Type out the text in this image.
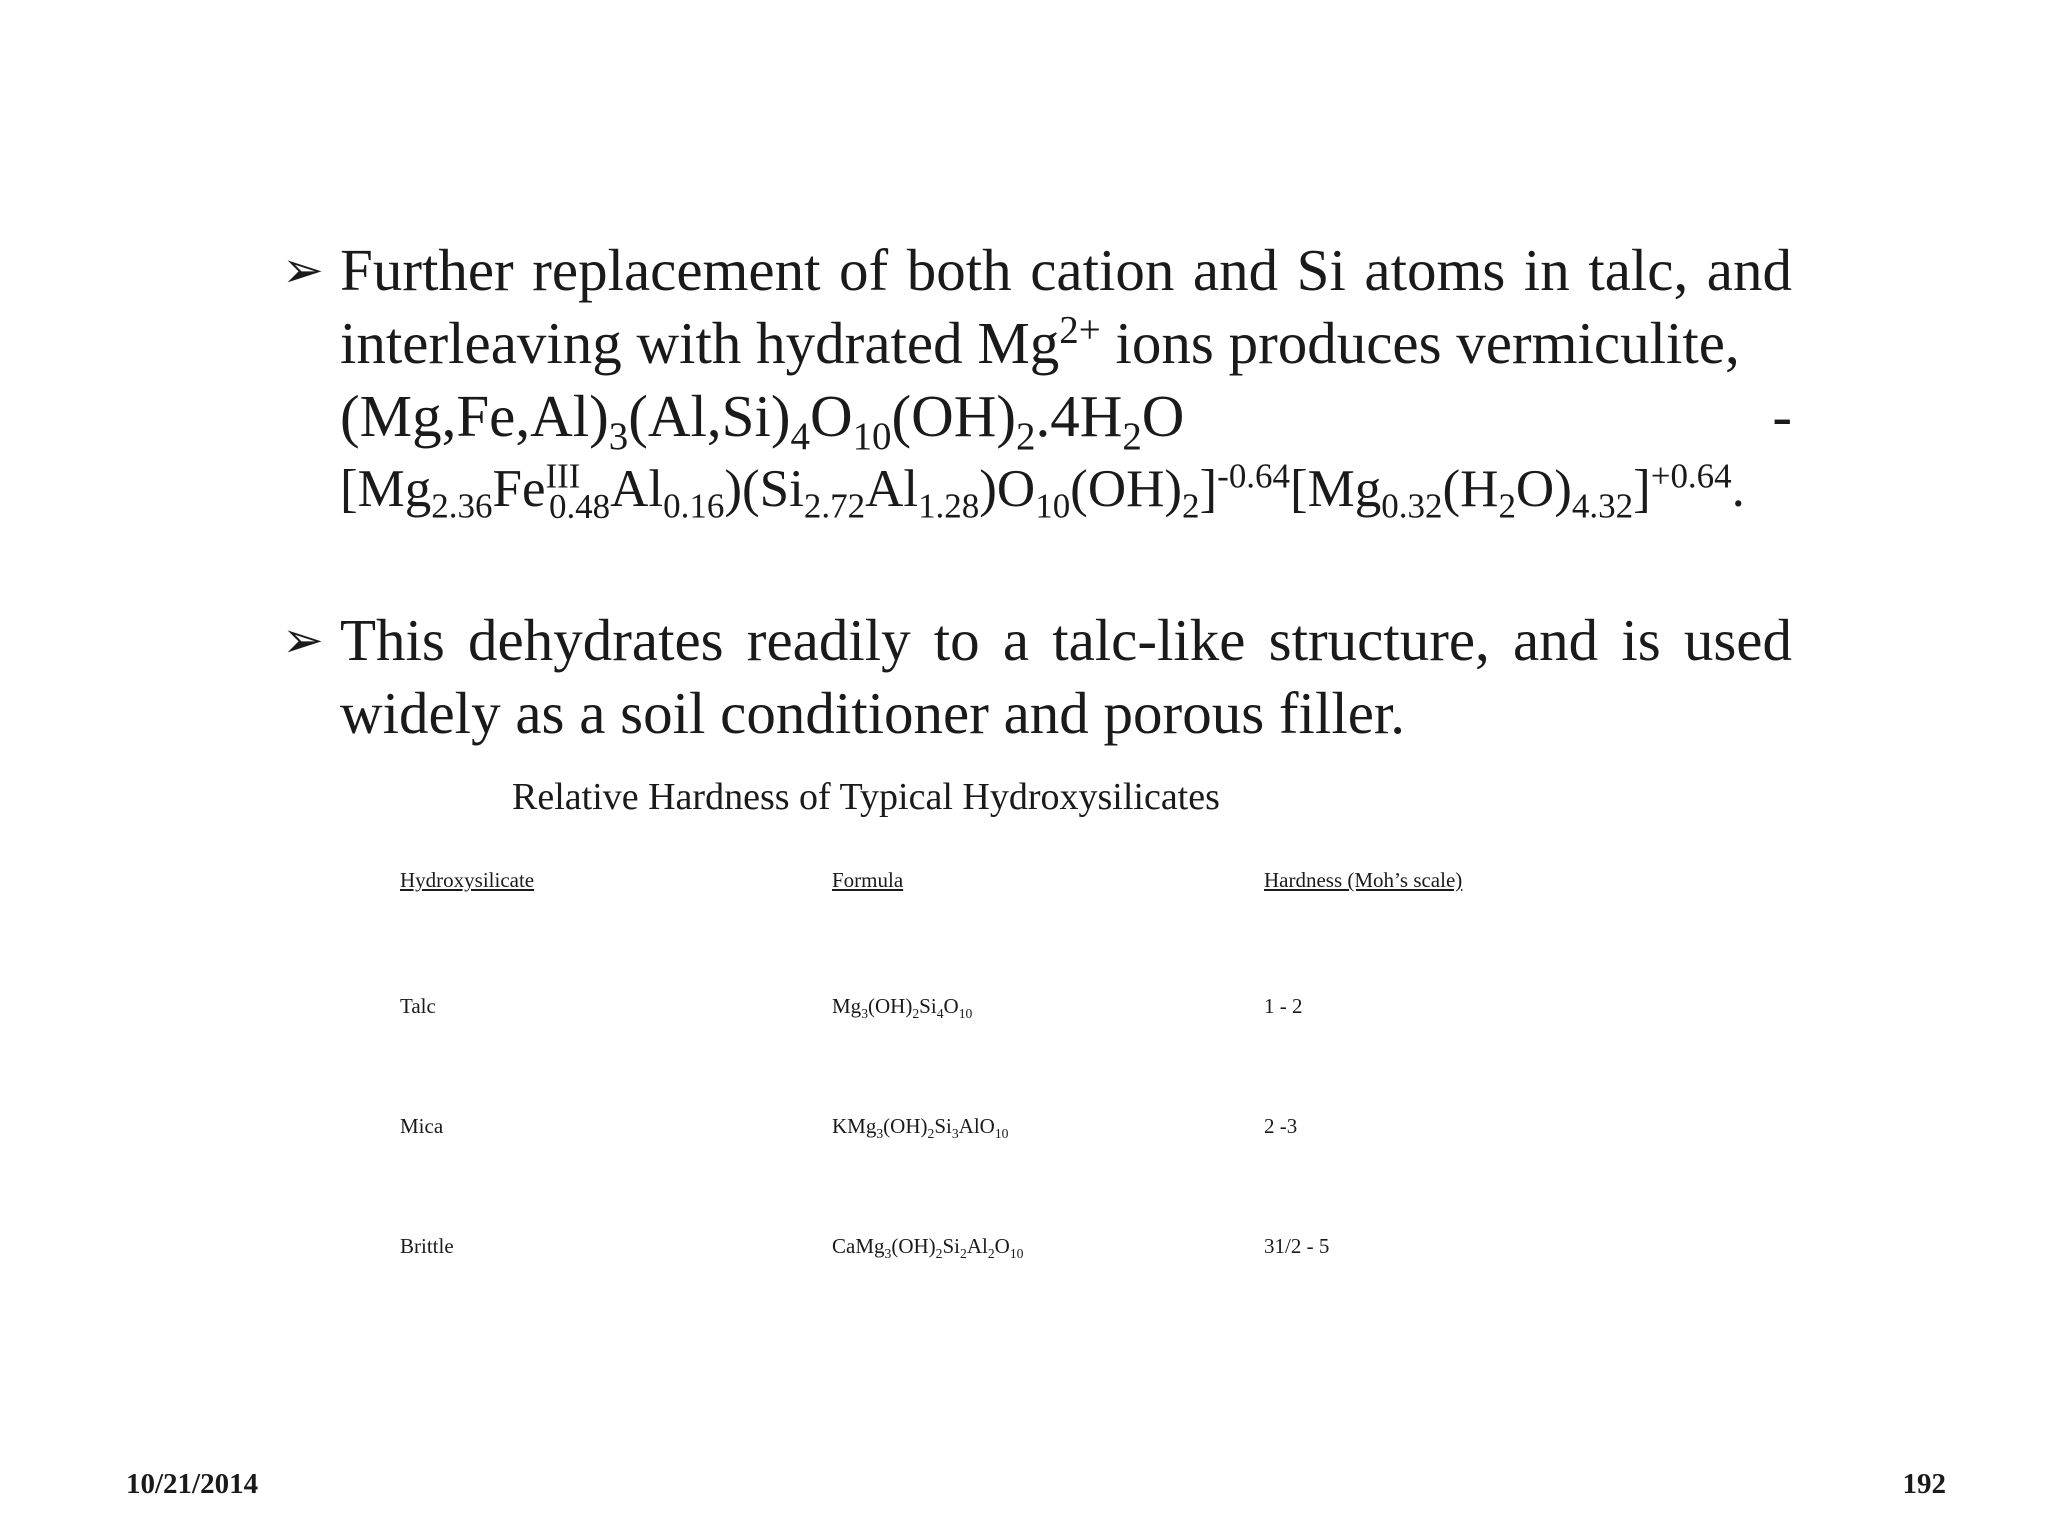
➢ Further replacement of both cation and Si atoms in talc, and interleaving with hydrated $Mg^{2+}$ ions produces vermiculite,
$(Mg,Fe,Al)_3(Al,Si)_4O_{10}(OH)_2.4H_2O$	-
$[Mg_{2.36}Fe^{III}_{0.48}Al_{0.16})(Si_{2.72}Al_{1.28})O_{10}(OH)_2]^{-0.64}[Mg_{0.32}(H_2O)_{4.32}]^{+0.64}$.
➢ This dehydrates readily to a talc-like structure, and is used widely as a soil conditioner and porous filler.
Relative Hardness of Typical Hydroxysilicates
Hydroxysilicate	Formula	Hardness (Moh’s scale)
Talc	$Mg_3(OH)_2Si_4O_{10}$	1 - 2
Mica	$KMg_3(OH)_2Si_3AlO_{10}$	2 -3
Brittle	$CaMg_3(OH)_2Si_2Al_2O_{10}$	31/2 - 5
10/21/2014	192
